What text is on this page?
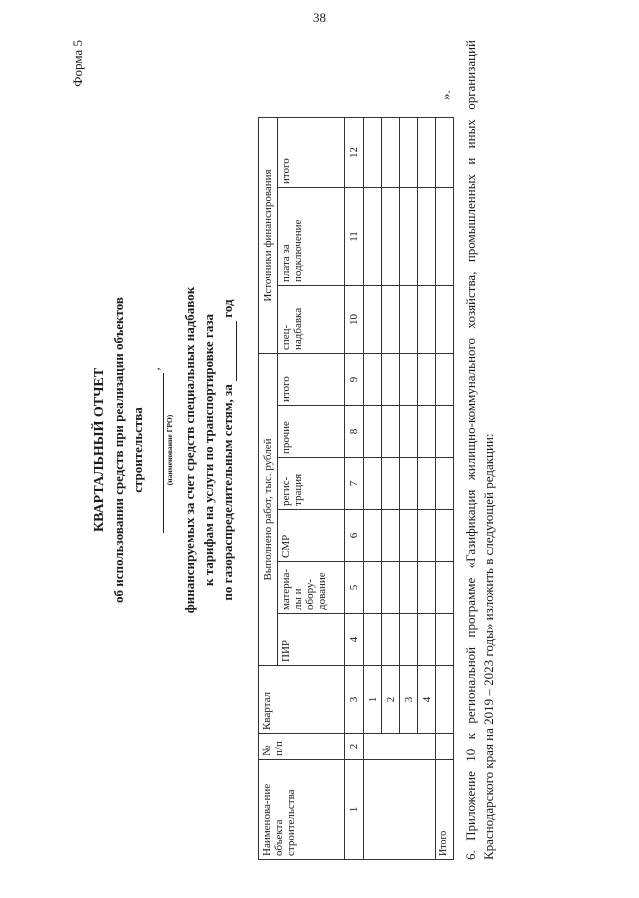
38
Форма 5
КВАРТАЛЬНЫЙ ОТЧЕТ об использовании средств при реализации объектов строительства
,
(наименование ГРО) финансируемых за счет средств специальных надбавок к тарифам на услуги по транспортировке газа по газораспределительным сетям, за  год
Наименова-ние объекта строительства	№ п/п	Квартал	Выполнено работ, тыс. рублей						Источники финансирования		
			ПИР	материа-лы и обору-дование	СМР	регис-трация	прочие	итого	спец-надбавка	плата за подключение	итого
1	2	3	4	5	6	7	8	9	10	11	12
		1									
		2									
		3									
		4									
Итого											
». 6. Приложение 10 к региональной программе «Газификация жилищно-коммунального хозяйства, промышленных и иных организаций Краснодарского края на 2019 – 2023 годы» изложить в следующей редакции:
